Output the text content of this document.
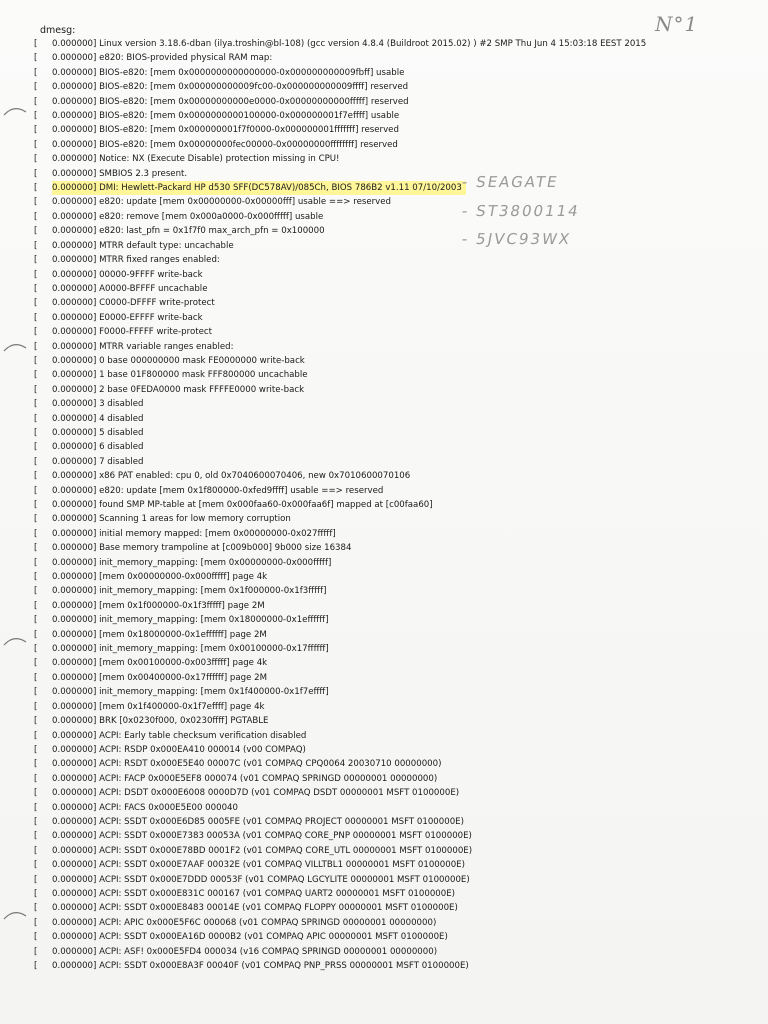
N°1
dmesg:
[ 0.000000] Linux version 3.18.6-dban (ilya.troshin@bl-108) (gcc version 4.8.4 (Buildroot 2015.02) ) #2 SMP Thu Jun 4 15:03:18 EEST 2015
[ 0.000000] e820: BIOS-provided physical RAM map:
[ 0.000000] BIOS-e820: [mem 0x0000000000000000-0x000000000009fbff] usable
[ 0.000000] BIOS-e820: [mem 0x000000000009fc00-0x000000000009ffff] reserved
[ 0.000000] BIOS-e820: [mem 0x00000000000e0000-0x00000000000fffff] reserved
[ 0.000000] BIOS-e820: [mem 0x0000000000100000-0x000000001f7effff] usable
[ 0.000000] BIOS-e820: [mem 0x000000001f7f0000-0x000000001fffffff] reserved
[ 0.000000] BIOS-e820: [mem 0x00000000fec00000-0x00000000ffffffff] reserved
[ 0.000000] Notice: NX (Execute Disable) protection missing in CPU!
[ 0.000000] SMBIOS 2.3 present.
[ 0.000000] DMI: Hewlett-Packard HP d530 SFF(DC578AV)/085Ch, BIOS 786B2 v1.11 07/10/2003
[ 0.000000] e820: update [mem 0x00000000-0x00000fff] usable ==> reserved
[ 0.000000] e820: remove [mem 0x000a0000-0x000fffff] usable
[ 0.000000] e820: last_pfn = 0x1f7f0 max_arch_pfn = 0x100000
[ 0.000000] MTRR default type: uncachable
[ 0.000000] MTRR fixed ranges enabled:
[ 0.000000] 00000-9FFFF write-back
[ 0.000000] A0000-BFFFF uncachable
[ 0.000000] C0000-DFFFF write-protect
[ 0.000000] E0000-EFFFF write-back
[ 0.000000] F0000-FFFFF write-protect
[ 0.000000] MTRR variable ranges enabled:
[ 0.000000] 0 base 000000000 mask FE0000000 write-back
[ 0.000000] 1 base 01F800000 mask FFF800000 uncachable
[ 0.000000] 2 base 0FEDA0000 mask FFFFE0000 write-back
[ 0.000000] 3 disabled
[ 0.000000] 4 disabled
[ 0.000000] 5 disabled
[ 0.000000] 6 disabled
[ 0.000000] 7 disabled
[ 0.000000] x86 PAT enabled: cpu 0, old 0x7040600070406, new 0x7010600070106
[ 0.000000] e820: update [mem 0x1f800000-0xfed9ffff] usable ==> reserved
[ 0.000000] found SMP MP-table at [mem 0x000faa60-0x000faa6f] mapped at [c00faa60]
[ 0.000000] Scanning 1 areas for low memory corruption
[ 0.000000] initial memory mapped: [mem 0x00000000-0x027fffff]
[ 0.000000] Base memory trampoline at [c009b000] 9b000 size 16384
[ 0.000000] init_memory_mapping: [mem 0x00000000-0x000fffff]
[ 0.000000] [mem 0x00000000-0x000fffff] page 4k
[ 0.000000] init_memory_mapping: [mem 0x1f000000-0x1f3fffff]
[ 0.000000] [mem 0x1f000000-0x1f3fffff] page 2M
[ 0.000000] init_memory_mapping: [mem 0x18000000-0x1effffff]
[ 0.000000] [mem 0x18000000-0x1effffff] page 2M
[ 0.000000] init_memory_mapping: [mem 0x00100000-0x17ffffff]
[ 0.000000] [mem 0x00100000-0x003fffff] page 4k
[ 0.000000] [mem 0x00400000-0x17ffffff] page 2M
[ 0.000000] init_memory_mapping: [mem 0x1f400000-0x1f7effff]
[ 0.000000] [mem 0x1f400000-0x1f7effff] page 4k
[ 0.000000] BRK [0x0230f000, 0x0230ffff] PGTABLE
[ 0.000000] ACPI: Early table checksum verification disabled
[ 0.000000] ACPI: RSDP 0x000EA410 000014 (v00 COMPAQ)
[ 0.000000] ACPI: RSDT 0x000E5E40 00007C (v01 COMPAQ CPQ0064 20030710 00000000)
[ 0.000000] ACPI: FACP 0x000E5EF8 000074 (v01 COMPAQ SPRINGD 00000001 00000000)
[ 0.000000] ACPI: DSDT 0x000E6008 0000D7D (v01 COMPAQ DSDT 00000001 MSFT 0100000E)
[ 0.000000] ACPI: FACS 0x000E5E00 000040
[ 0.000000] ACPI: SSDT 0x000E6D85 0005FE (v01 COMPAQ PROJECT 00000001 MSFT 0100000E)
[ 0.000000] ACPI: SSDT 0x000E7383 00053A (v01 COMPAQ CORE_PNP 00000001 MSFT 0100000E)
[ 0.000000] ACPI: SSDT 0x000E78BD 0001F2 (v01 COMPAQ CORE_UTL 00000001 MSFT 0100000E)
[ 0.000000] ACPI: SSDT 0x000E7AAF 00032E (v01 COMPAQ VILLTBL1 00000001 MSFT 0100000E)
[ 0.000000] ACPI: SSDT 0x000E7DDD 00053F (v01 COMPAQ LGCYLITE 00000001 MSFT 0100000E)
[ 0.000000] ACPI: SSDT 0x000E831C 000167 (v01 COMPAQ UART2 00000001 MSFT 0100000E)
[ 0.000000] ACPI: SSDT 0x000E8483 00014E (v01 COMPAQ FLOPPY 00000001 MSFT 0100000E)
[ 0.000000] ACPI: APIC 0x000E5F6C 000068 (v01 COMPAQ SPRINGD 00000001 00000000)
[ 0.000000] ACPI: SSDT 0x000EA16D 0000B2 (v01 COMPAQ APIC 00000001 MSFT 0100000E)
[ 0.000000] ACPI: ASF! 0x000E5FD4 000034 (v16 COMPAQ SPRINGD 00000001 00000000)
[ 0.000000] ACPI: SSDT 0x000E8A3F 00040F (v01 COMPAQ PNP_PRSS 00000001 MSFT 0100000E)
- SEAGATE
- ST3800114
- 5JVC93WX
